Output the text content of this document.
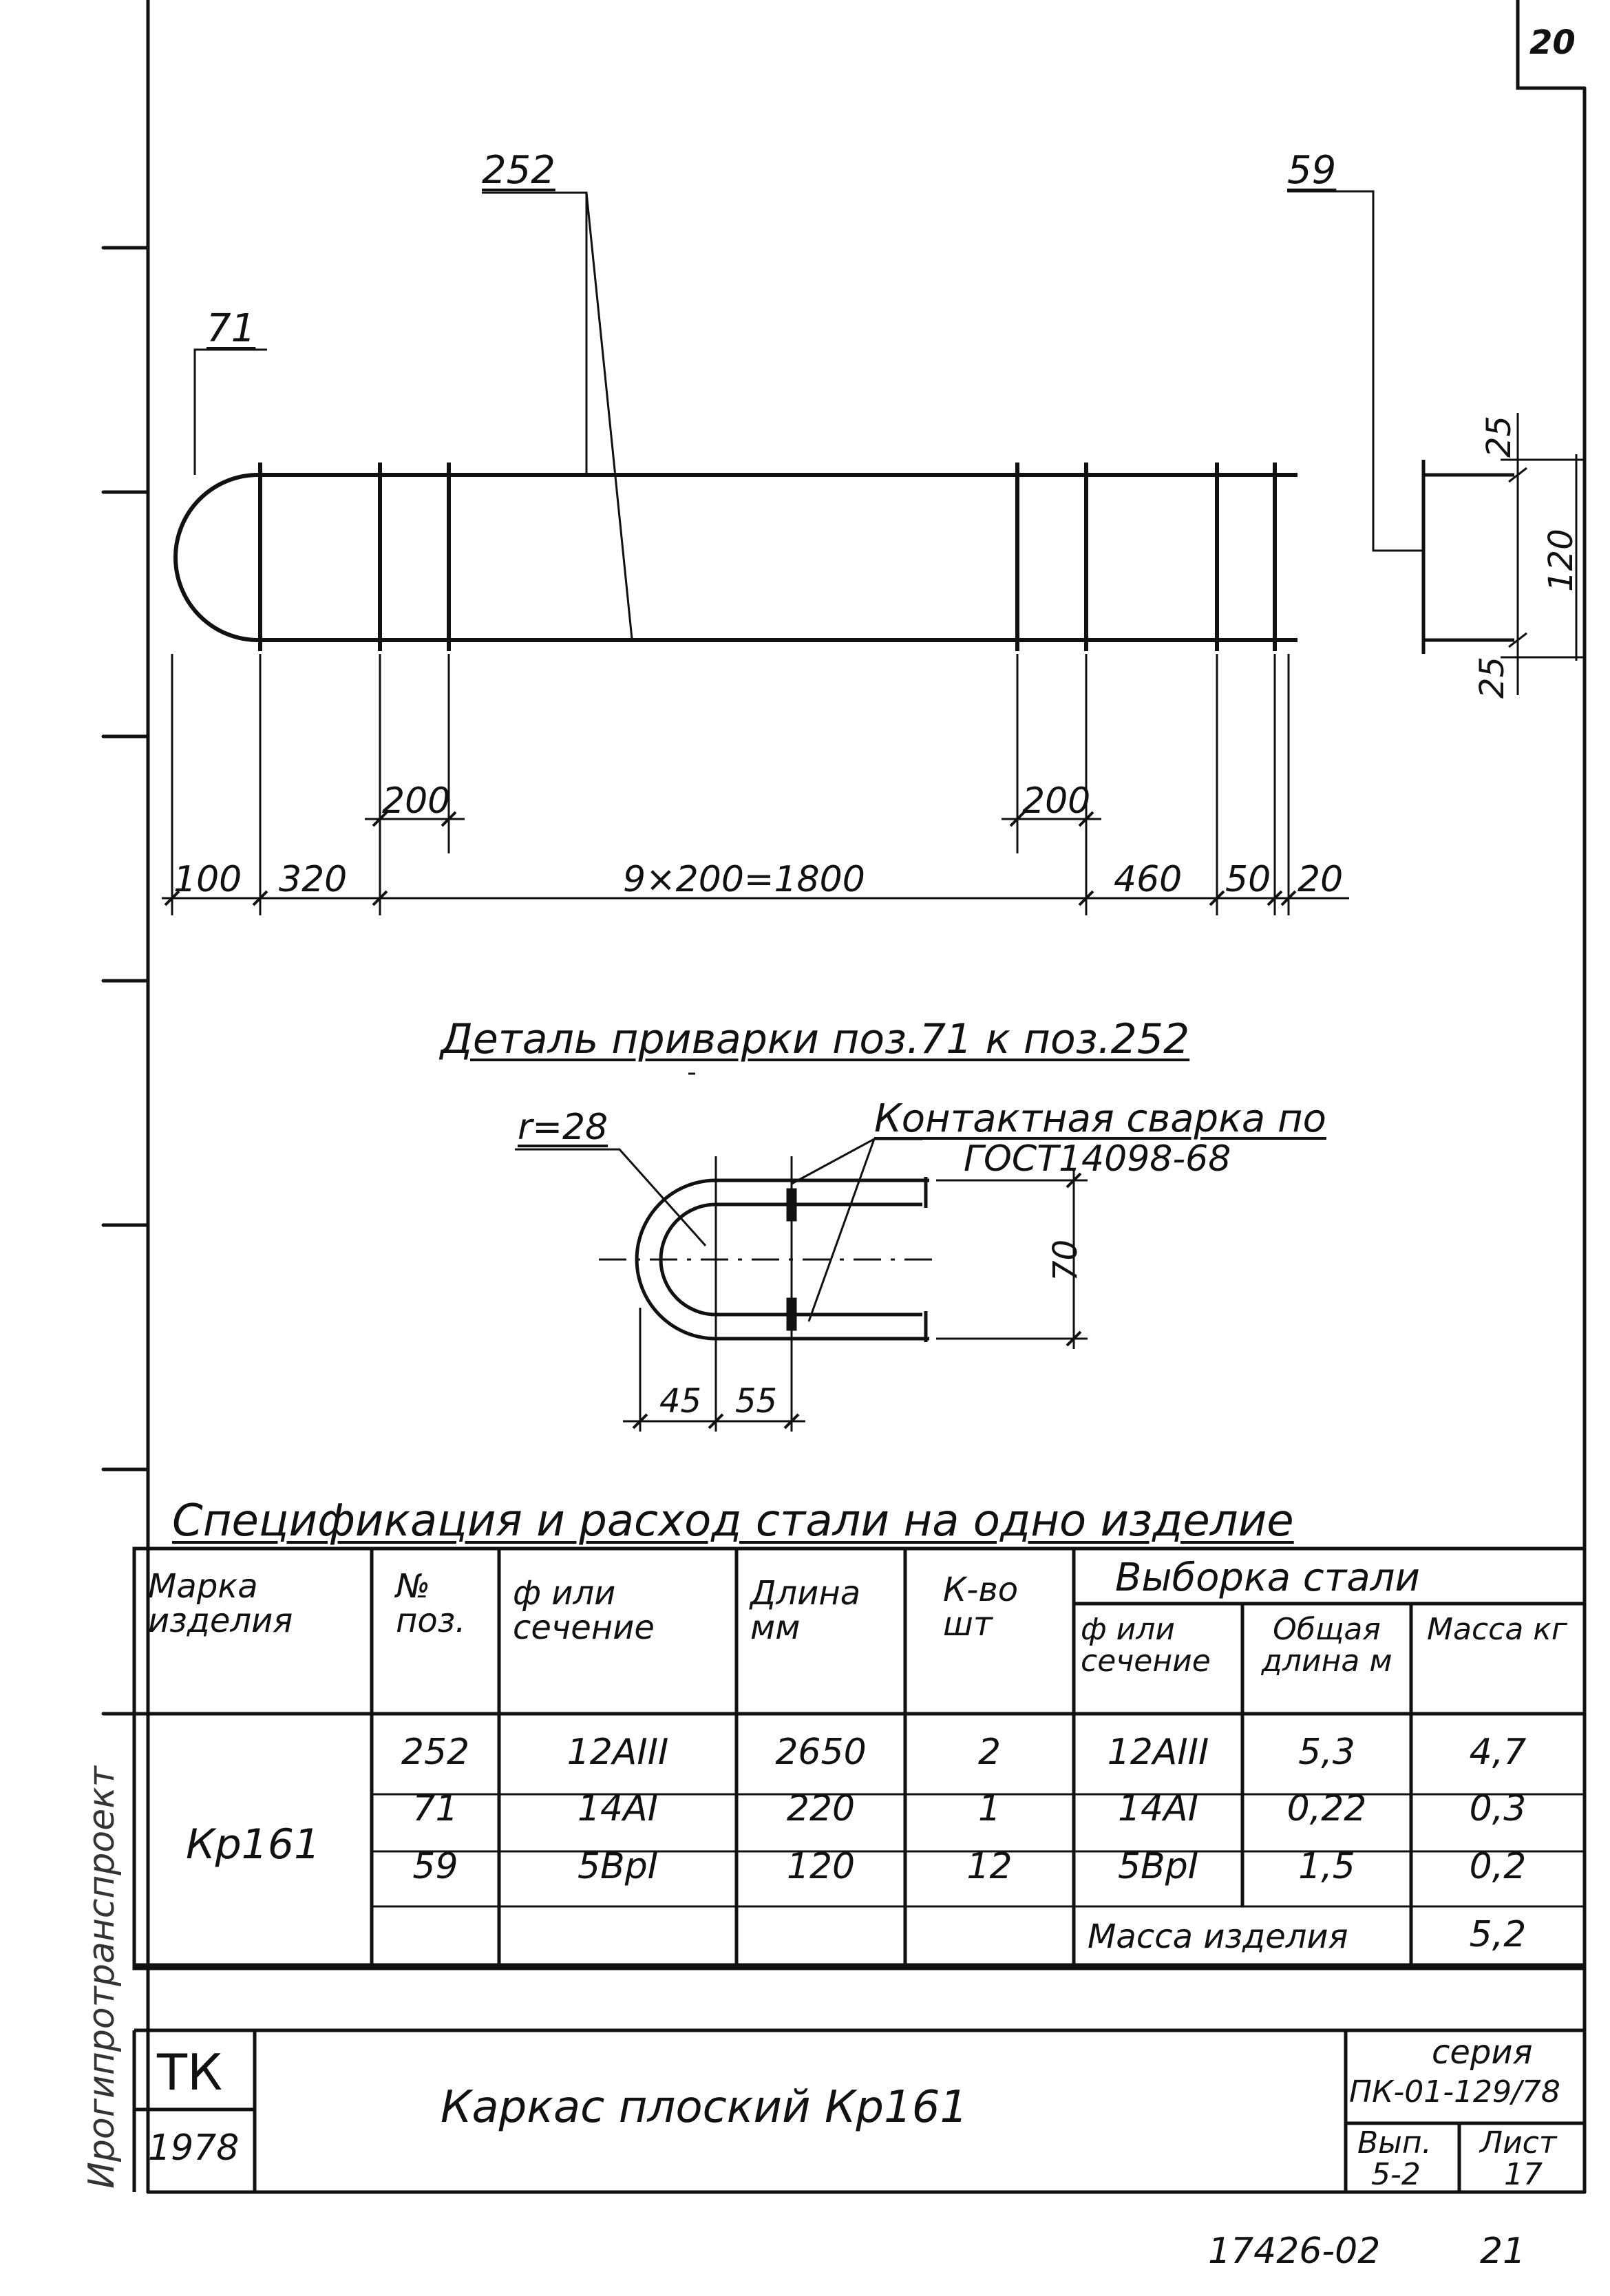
20
252
71
59
100 320
200
9×200=1800
200
460 50 20
25
120
25
Деталь приварки поз.71 к поз.252
r=28	Контактная сварка по
ГОСТ14098-68
70
45 55
Спецификация и расход стали на одно изделие
Марка изделия
№ поз.
ф или сечение
Длина мм
К-во шт
Выборка стали
ф или сечение
Общая длина м
Масса кг
Кр161
252	12AIII	2650	2	12AIII	5,3	4,7
71	14AI	220	1	14AI	0,22	0,3
59	5BpI	120	12	5BpI	1,5	0,2
Масса изделия	5,2
ТК
1978
Каркас плоский Кр161
серия
ПК-01-129/78
Вып.
5-2
Лист
17
17426-02	21
Ирогипротранспроект
